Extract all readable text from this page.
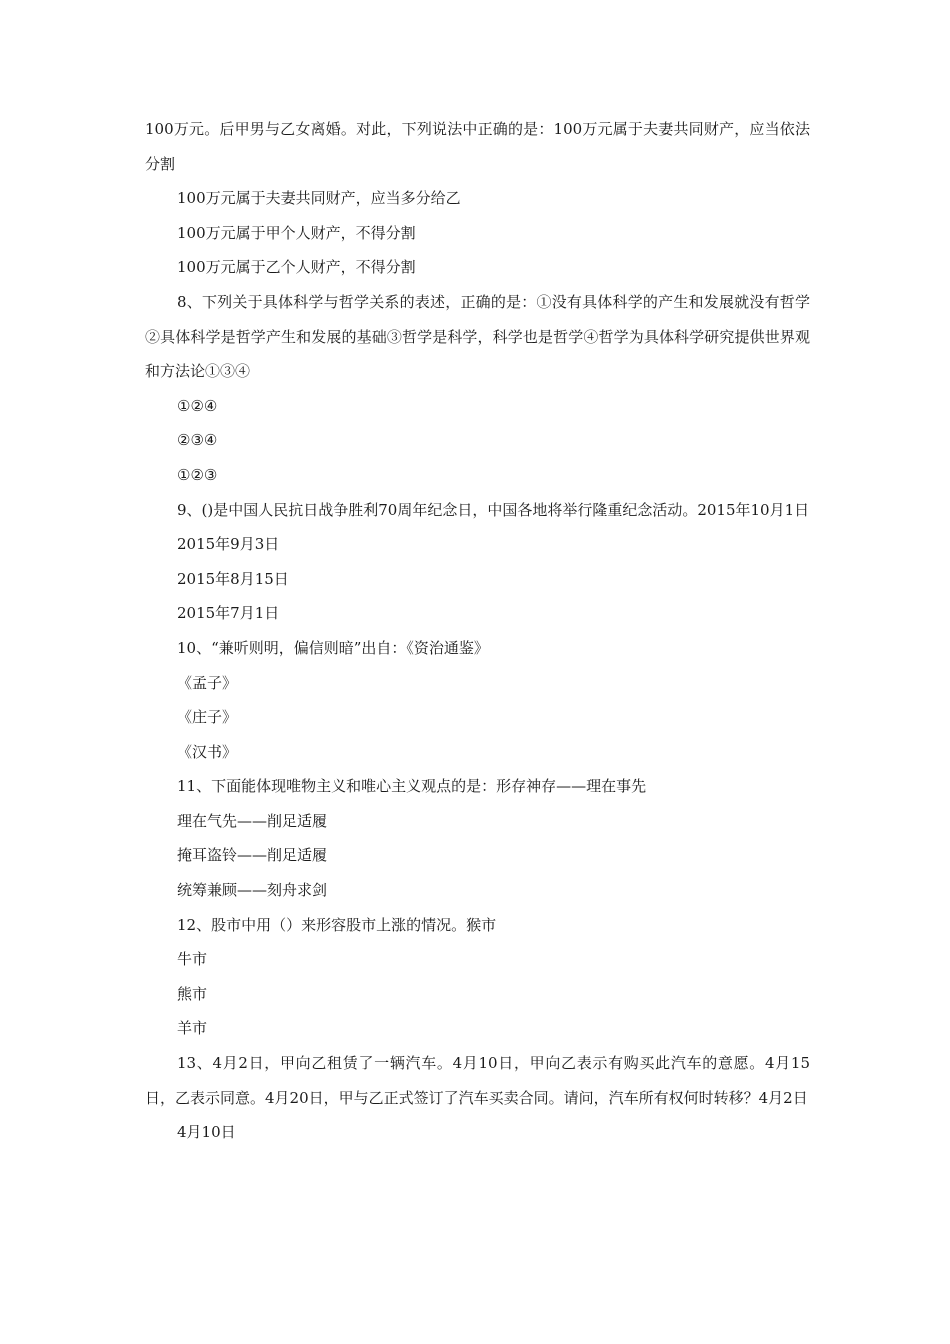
100万元。后甲男与乙女离婚。对此，下列说法中正确的是：100万元属于夫妻共同财产，应当依法分割

100万元属于夫妻共同财产，应当多分给乙

100万元属于甲个人财产，不得分割

100万元属于乙个人财产，不得分割

8、下列关于具体科学与哲学关系的表述，正确的是：①没有具体科学的产生和发展就没有哲学②具体科学是哲学产生和发展的基础③哲学是科学，科学也是哲学④哲学为具体科学研究提供世界观和方法论①③④

①②④

②③④

①②③

9、()是中国人民抗日战争胜利70周年纪念日，中国各地将举行隆重纪念活动。2015年10月1日

2015年9月3日

2015年8月15日

2015年7月1日

10、“兼听则明，偏信则暗”出自：《资治通鉴》

《孟子》

《庄子》

《汉书》

11、下面能体现唯物主义和唯心主义观点的是：形存神存——理在事先

理在气先——削足适履

掩耳盗铃——削足适履

统筹兼顾——刻舟求剑

12、股市中用（）来形容股市上涨的情况。猴市

牛市

熊市

羊市

13、4月2日，甲向乙租赁了一辆汽车。4月10日，甲向乙表示有购买此汽车的意愿。4月15日，乙表示同意。4月20日，甲与乙正式签订了汽车买卖合同。请问，汽车所有权何时转移？4月2日

4月10日
